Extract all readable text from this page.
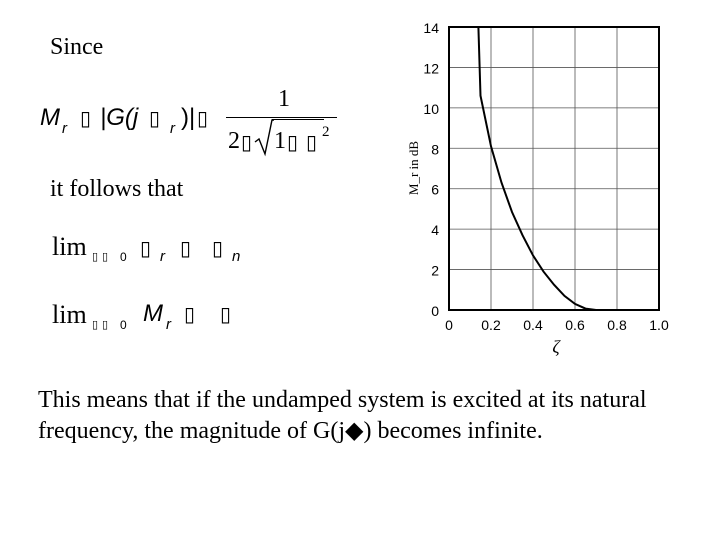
Since
M r ▯ |G(j ▯ r )| ▯
1
2 ▯ 1 ▯ ▯ 2
it follows that
lim ▯ ▯ 0 ▯ r ▯ ▯ n
lim ▯ ▯ 0 M r ▯ ▯	0
2
4
6
8
10
12
14
0 0.2 0.4 0.6 0.8 1.0
ζ
M_r in dB
This means that if the undamped system is excited at its natural frequency, the magnitude of G(j◆) becomes infinite.
